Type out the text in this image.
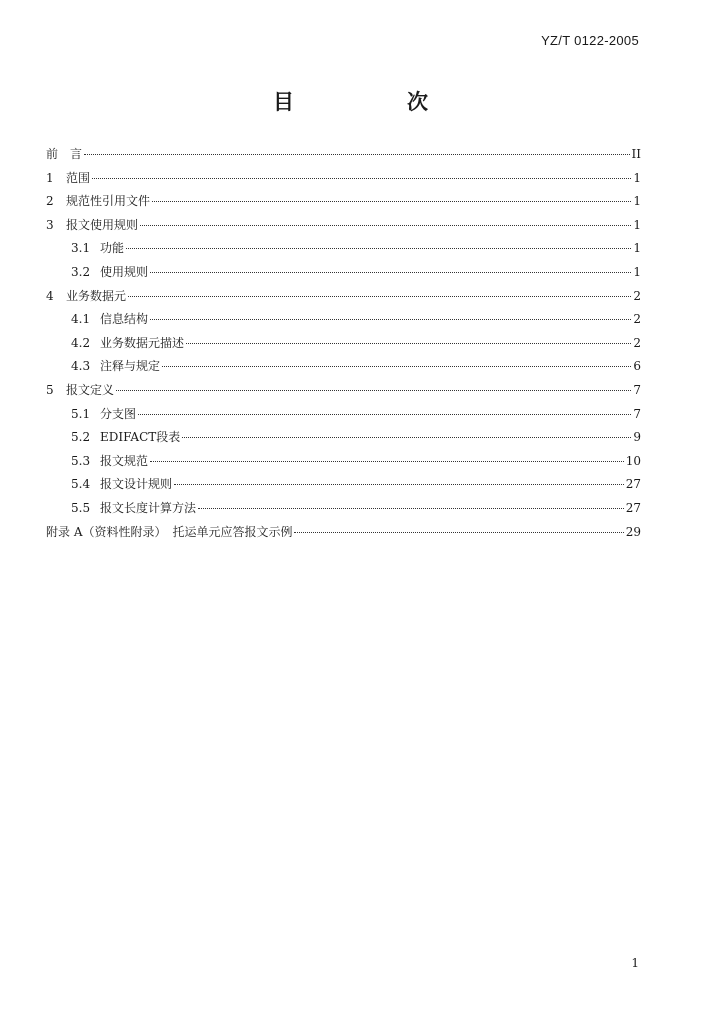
YZ/T 0122-2005
目　次
前　言	II
1	范围	1
2	规范性引用文件	1
3	报文使用规则	1
3.1 功能	1
3.2 使用规则	1
4	业务数据元	2
4.1 信息结构	2
4.2 业务数据元描述	2
4.3 注释与规定	6
5	报文定义	7
5.1 分支图	7
5.2 EDIFACT段表	9
5.3 报文规范	10
5.4 报文设计规则	27
5.5 报文长度计算方法	27
附录 A（资料性附录）　托运单元应答报文示例	29
1
